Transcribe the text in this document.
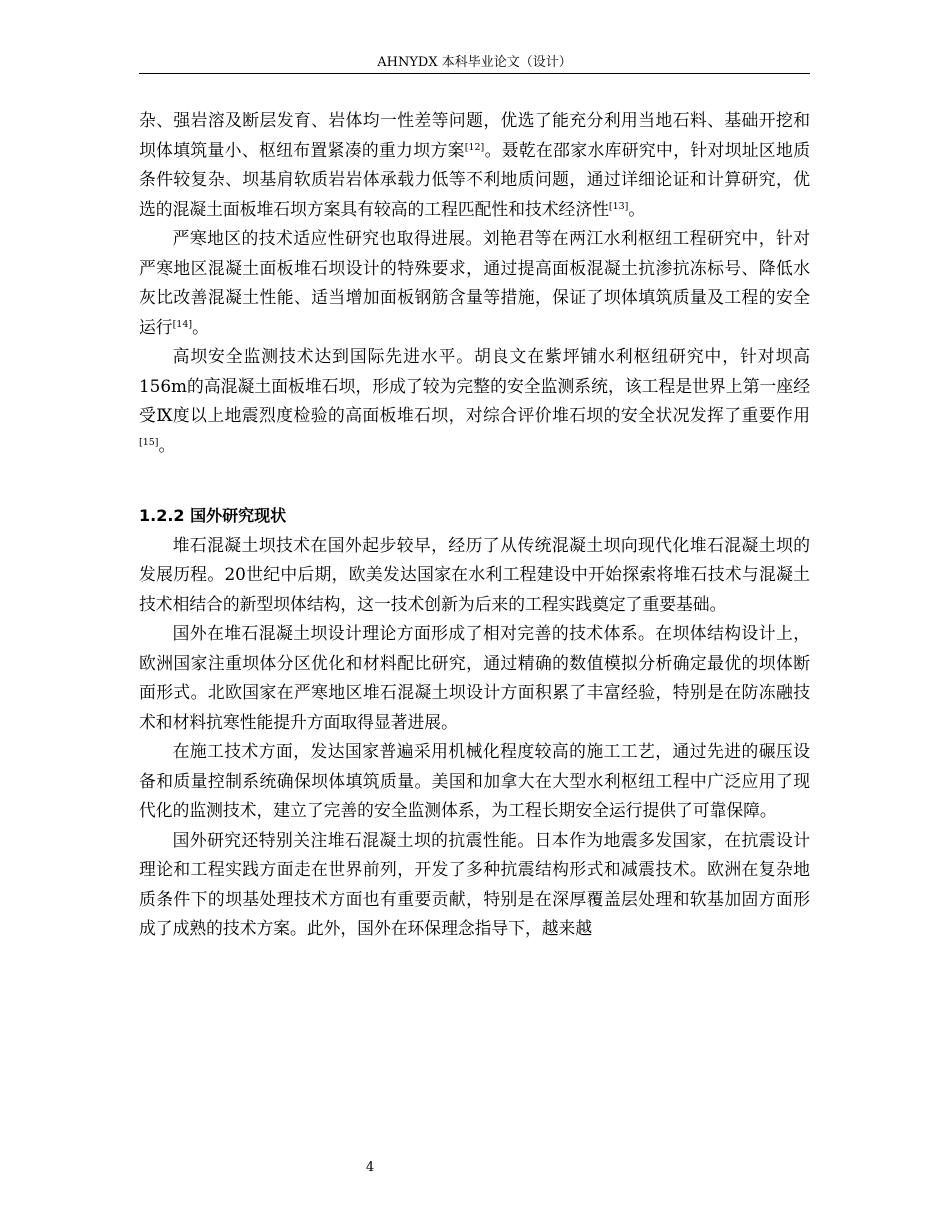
AHNYDX 本科毕业论文（设计）

杂、强岩溶及断层发育、岩体均一性差等问题，优选了能充分利用当地石料、基础开挖和坝体填筑量小、枢纽布置紧凑的重力坝方案[12]。聂乾在邵家水库研究中，针对坝址区地质条件较复杂、坝基肩软质岩岩体承载力低等不利地质问题，通过详细论证和计算研究，优选的混凝土面板堆石坝方案具有较高的工程匹配性和技术经济性[13]。

严寒地区的技术适应性研究也取得进展。刘艳君等在两江水利枢纽工程研究中，针对严寒地区混凝土面板堆石坝设计的特殊要求，通过提高面板混凝土抗渗抗冻标号、降低水灰比改善混凝土性能、适当增加面板钢筋含量等措施，保证了坝体填筑质量及工程的安全运行[14]。

高坝安全监测技术达到国际先进水平。胡良文在紫坪铺水利枢纽研究中，针对坝高156m的高混凝土面板堆石坝，形成了较为完整的安全监测系统，该工程是世界上第一座经受Ⅸ度以上地震烈度检验的高面板堆石坝，对综合评价堆石坝的安全状况发挥了重要作用[15]。

1.2.2 国外研究现状

堆石混凝土坝技术在国外起步较早，经历了从传统混凝土坝向现代化堆石混凝土坝的发展历程。20世纪中后期，欧美发达国家在水利工程建设中开始探索将堆石技术与混凝土技术相结合的新型坝体结构，这一技术创新为后来的工程实践奠定了重要基础。

国外在堆石混凝土坝设计理论方面形成了相对完善的技术体系。在坝体结构设计上，欧洲国家注重坝体分区优化和材料配比研究，通过精确的数值模拟分析确定最优的坝体断面形式。北欧国家在严寒地区堆石混凝土坝设计方面积累了丰富经验，特别是在防冻融技术和材料抗寒性能提升方面取得显著进展。

在施工技术方面，发达国家普遍采用机械化程度较高的施工工艺，通过先进的碾压设备和质量控制系统确保坝体填筑质量。美国和加拿大在大型水利枢纽工程中广泛应用了现代化的监测技术，建立了完善的安全监测体系，为工程长期安全运行提供了可靠保障。

国外研究还特别关注堆石混凝土坝的抗震性能。日本作为地震多发国家，在抗震设计理论和工程实践方面走在世界前列，开发了多种抗震结构形式和减震技术。欧洲在复杂地质条件下的坝基处理技术方面也有重要贡献，特别是在深厚覆盖层处理和软基加固方面形成了成熟的技术方案。此外，国外在环保理念指导下，越来越

4
